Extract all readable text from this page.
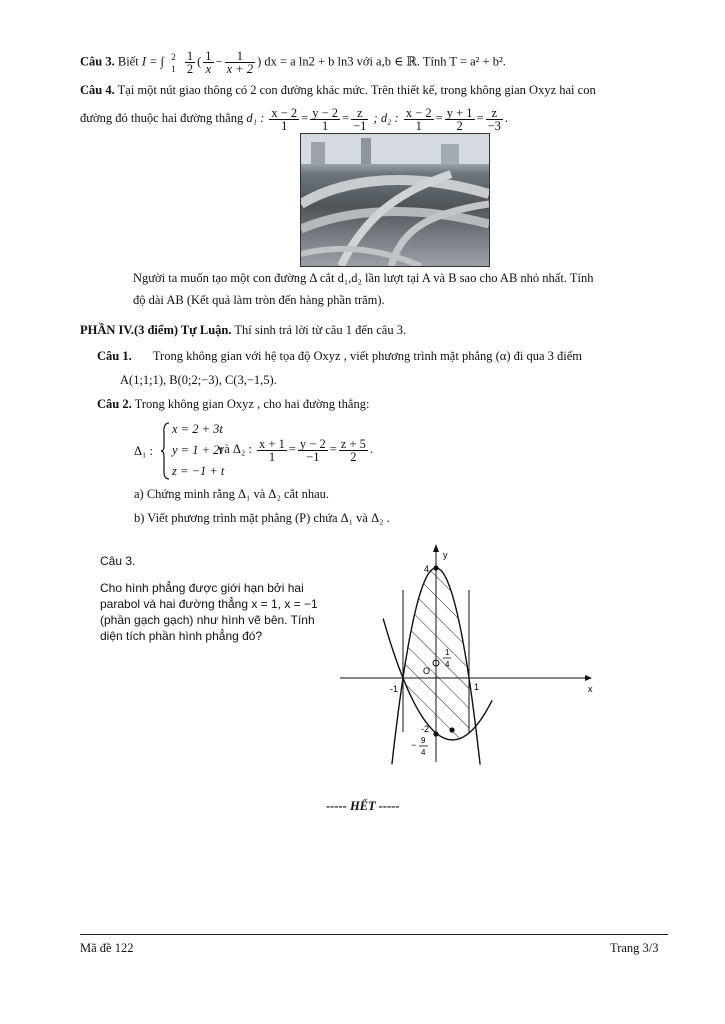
Câu 3. Biết I = ∫ 2
1
$\frac{1}{2}$ ( $\frac{1}{x} - \frac{1}{x + 2}$ ) dx = a ln2 + b ln3 với a,b ∈ ℝ. Tính T = a² + b².
Câu 4. Tại một nút giao thông có 2 con đường khác mức. Trên thiết kế, trong không gian Oxyz hai con
đường đó thuộc hai đường thẳng d₁ : $\frac{x - 2}{1} = \frac{y - 2}{1} = \frac{z}{-1}$ ; d₂ : $\frac{x - 2}{1} = \frac{y + 1}{2} = \frac{z}{-3}$ .
Người ta muốn tạo một con đường Δ cắt d₁,d₂ lần lượt tại A và B sao cho AB nhỏ nhất. Tính
độ dài AB (Kết quả làm tròn đến hàng phần trăm).
PHẦN IV.(3 điểm) Tự Luận. Thí sinh trả lời từ câu 1 đến câu 3.
Câu 1. Trong không gian với hệ tọa độ Oxyz , viết phương trình mặt phẳng (α) đi qua 3 điểm
A(1;1;1), B(0;2;−3), C(3,−1,5).
Câu 2. Trong không gian Oxyz , cho hai đường thẳng:
Δ₁ :
x = 2 + 3t
y = 1 + 2t
z = −1 + t
và Δ₂ : $\frac{x + 1}{1} = \frac{y - 2}{-1} = \frac{z + 5}{2}$ .
a) Chứng minh rằng Δ₁ và Δ₂ cắt nhau.
b) Viết phương trình mặt phẳng (P) chứa Δ₁ và Δ₂ .
Câu 3.
Cho hình phẳng được giới hạn bởi hai
parabol và hai đường thẳng x = 1, x = −1
(phần gạch gạch) như hình vẽ bên. Tính
diện tích phần hình phẳng đó?
y
x
4
O
-1	1
-2
1
4
− 9
4
----- HẾT -----
Mã đề 122	Trang 3/3
